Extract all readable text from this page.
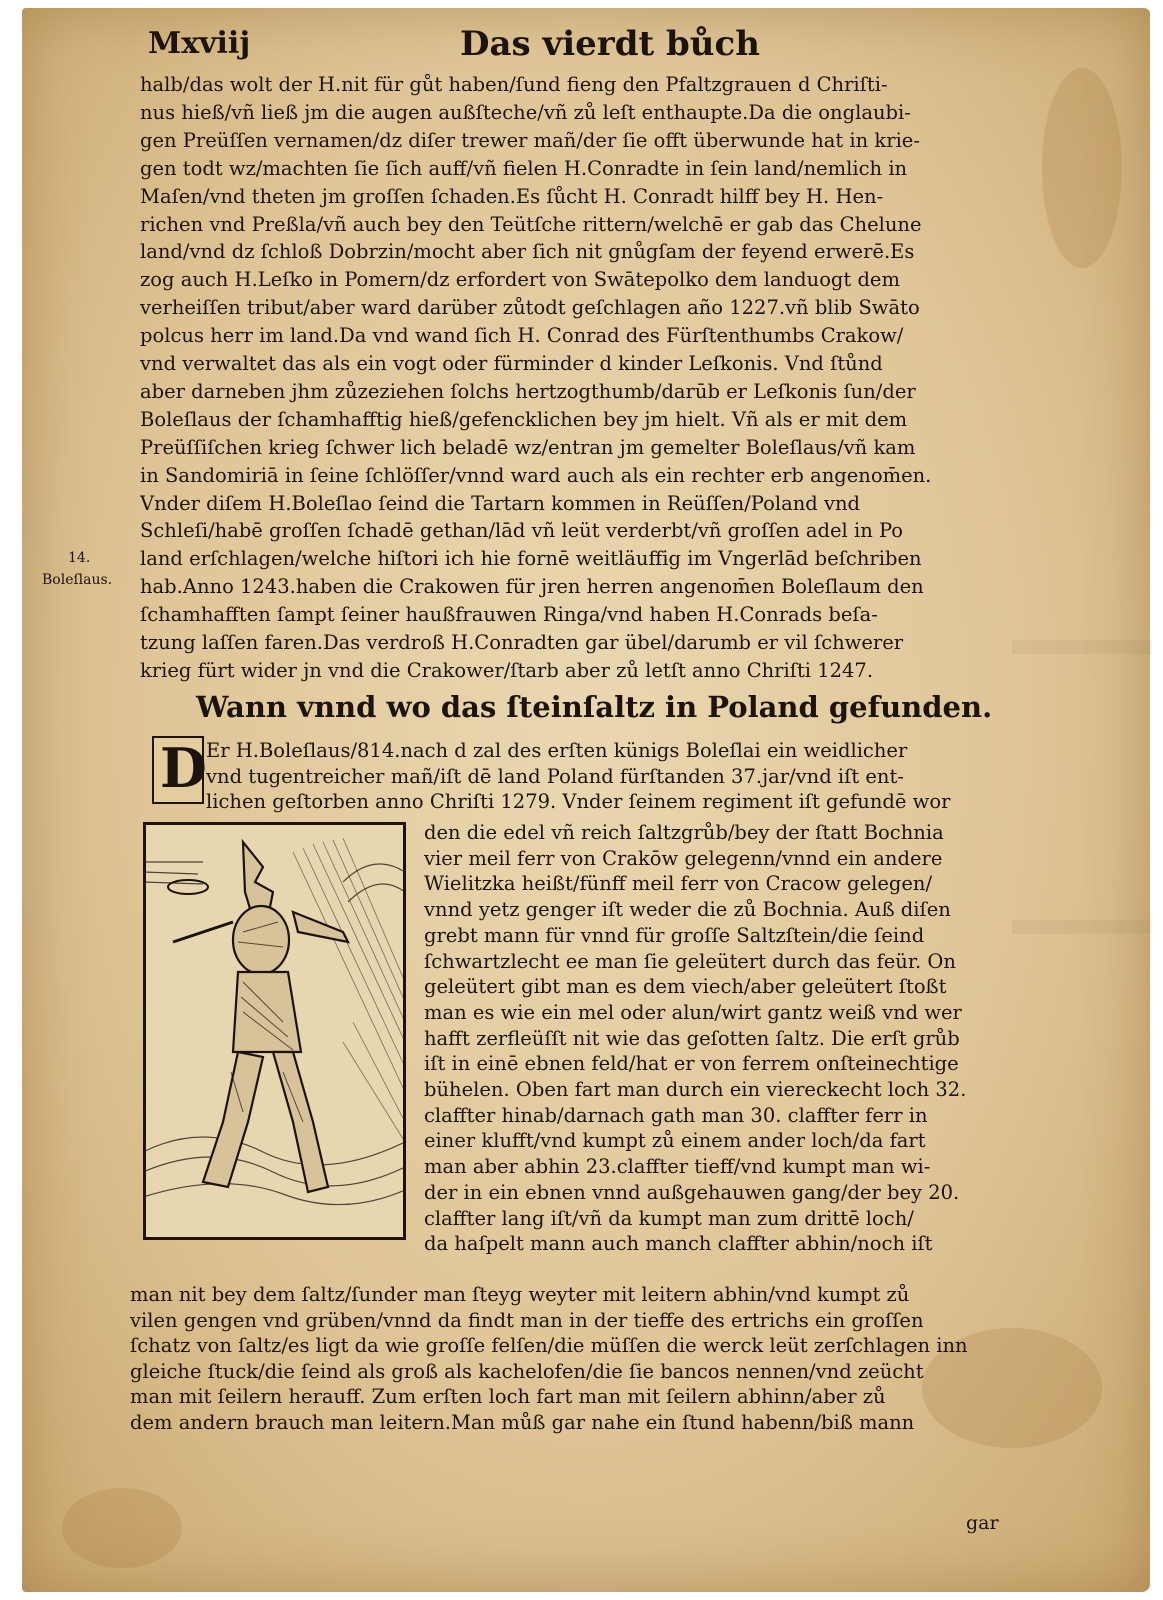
Mxviij	Das vierdt bůch
halb/das wolt der H.nit für gůt haben/ſund fieng den Pfaltzgrauen d Chriſti-
nus hieß/vñ ließ jm die augen außſteche/vñ zů leſt enthaupte.Da die onglaubi-
gen Preüſſen vernamen/dz diſer trewer mañ/der ſie offt überwunde hat in krie-
gen todt wz/machten ſie ſich auff/vñ fielen H.Conradte in ſein land/nemlich in
Maſen/vnd theten jm groſſen ſchaden.Es ſůcht H. Conradt hilff bey H. Hen-
richen vnd Preßla/vñ auch bey den Teütſche rittern/welchē er gab das Chelune
land/vnd dz ſchloß Dobrzin/mocht aber ſich nit gnůgſam der feyend erwerē.Es
zog auch H.Leſko in Pomern/dz erfordert von Swātepolko dem landuogt dem
verheiſſen tribut/aber ward darüber zůtodt geſchlagen año 1227.vñ blib Swāto
polcus herr im land.Da vnd wand ſich H. Conrad des Fürſtenthumbs Crakow/
vnd verwaltet das als ein vogt oder fürminder d kinder Leſkonis. Vnd ſtůnd
aber darneben jhm zůzeziehen ſolchs hertzogthumb/darūb er Leſkonis ſun/der
Boleſlaus der ſchamhafftig hieß/gefencklichen bey jm hielt. Vñ als er mit dem
Preüſſiſchen krieg ſchwer lich beladē wz/entran jm gemelter Boleſlaus/vñ kam
in Sandomiriā in ſeine ſchlöſſer/vnnd ward auch als ein rechter erb angenom̄en.
Vnder diſem H.Boleſlao ſeind die Tartarn kommen in Reüſſen/Poland vnd
Schleſi/habē groſſen ſchadē gethan/lād vñ leüt verderbt/vñ groſſen adel in Po
land erſchlagen/welche hiſtori ich hie fornē weitläuffig im Vngerlād beſchriben
hab.Anno 1243.haben die Crakowen für jren herren angenom̄en Boleſlaum den
ſchamhafften ſampt ſeiner haußfrauwen Ringa/vnd haben H.Conrads beſa-
tzung laſſen faren.Das verdroß H.Conradten gar übel/darumb er vil ſchwerer
krieg fürt wider jn vnd die Crakower/ſtarb aber zů letſt anno Chriſti 1247.
14.
Boleſlaus.
Wann vnnd wo das ſteinſaltz in Poland gefunden.
D Er H.Boleſlaus/814.nach d zal des erſten künigs Boleſlai ein weidlicher
vnd tugentreicher mañ/iſt dē land Poland fürſtanden 37.jar/vnd iſt ent-
lichen geſtorben anno Chriſti 1279. Vnder ſeinem regiment iſt gefundē wor
den die edel vñ reich ſaltzgrůb/bey der ſtatt Bochnia
vier meil ferr von Crakōw gelegenn/vnnd ein andere
Wielitzka heißt/fünff meil ferr von Cracow gelegen/
vnnd yetz genger iſt weder die zů Bochnia. Auß diſen
grebt mann für vnnd für groſſe Saltzſtein/die ſeind
ſchwartzlecht ee man ſie geleütert durch das feür. On
geleütert gibt man es dem viech/aber geleütert ſtoßt
man es wie ein mel oder alun/wirt gantz weiß vnd wer
hafft zerfleüſſt nit wie das geſotten ſaltz. Die erſt grůb
iſt in einē ebnen feld/hat er von ferrem onſteinechtige
bühelen. Oben fart man durch ein viereckecht loch 32.
claffter hinab/darnach gath man 30. claffter ferr in
einer klufft/vnd kumpt zů einem ander loch/da fart
man aber abhin 23.claffter tieff/vnd kumpt man wi-
der in ein ebnen vnnd außgehauwen gang/der bey 20.
claffter lang iſt/vñ da kumpt man zum drittē loch/
da haſpelt mann auch manch claffter abhin/noch iſt
man nit bey dem ſaltz/ſunder man ſteyg weyter mit leitern abhin/vnd kumpt zů
vilen gengen vnd grüben/vnnd da findt man in der tieffe des ertrichs ein groſſen
ſchatz von ſaltz/es ligt da wie groſſe felſen/die müſſen die werck leüt zerſchlagen inn
gleiche ſtuck/die ſeind als groß als kachelofen/die ſie bancos nennen/vnd zeücht
man mit ſeilern herauff. Zum erſten loch fart man mit ſeilern abhinn/aber zů
dem andern brauch man leitern.Man můß gar nahe ein ſtund habenn/biß mann
gar
